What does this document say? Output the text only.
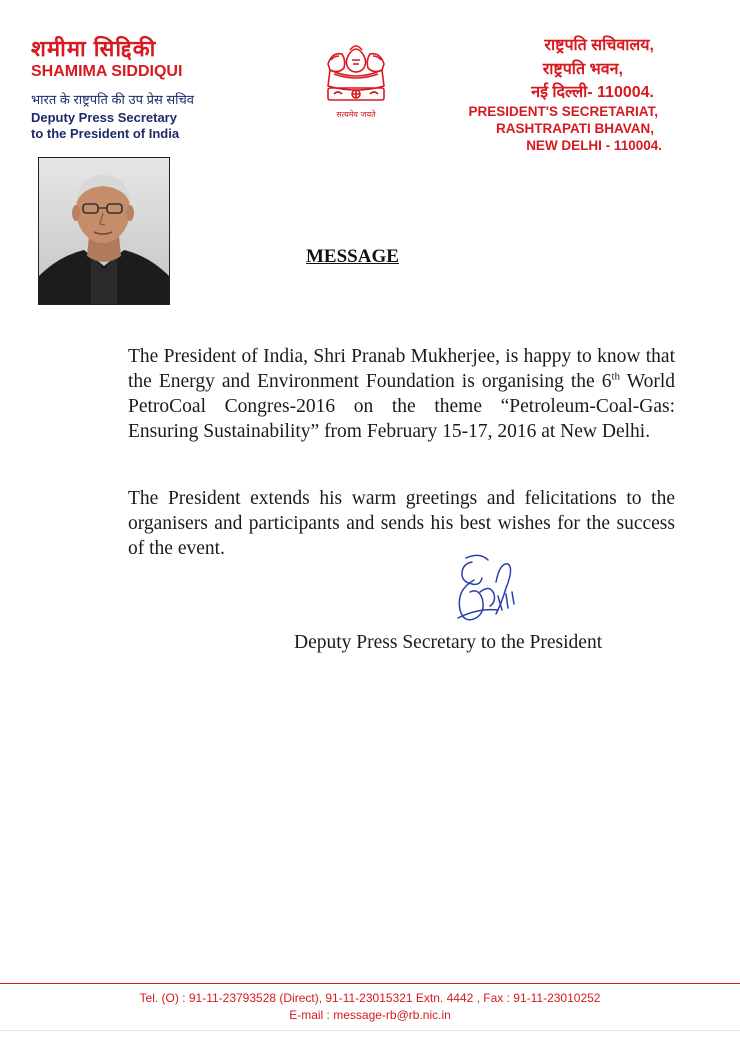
शमीमा सिद्दिकी
SHAMIMA SIDDIQUI
भारत के राष्ट्रपति की उप प्रेस सचिव
Deputy Press Secretary
to the President of India
सत्यमेव जयते
राष्ट्रपति सचिवालय,
राष्ट्रपति भवन,
नई दिल्ली- 110004.
PRESIDENT'S SECRETARIAT,
RASHTRAPATI BHAVAN,
NEW DELHI - 110004.
MESSAGE
The President of India, Shri Pranab Mukherjee, is happy to know that the Energy and Environment Foundation is organising the 6th World PetroCoal Congres-2016 on the theme “Petroleum-Coal-Gas: Ensuring Sustainability” from February 15-17, 2016 at New Delhi.
The President extends his warm greetings and felicitations to the organisers and participants and sends his best wishes for the success of the event.
Deputy Press Secretary to the President
Tel. (O) : 91-11-23793528 (Direct), 91-11-23015321 Extn. 4442 , Fax : 91-11-23010252
E-mail : message-rb@rb.nic.in
